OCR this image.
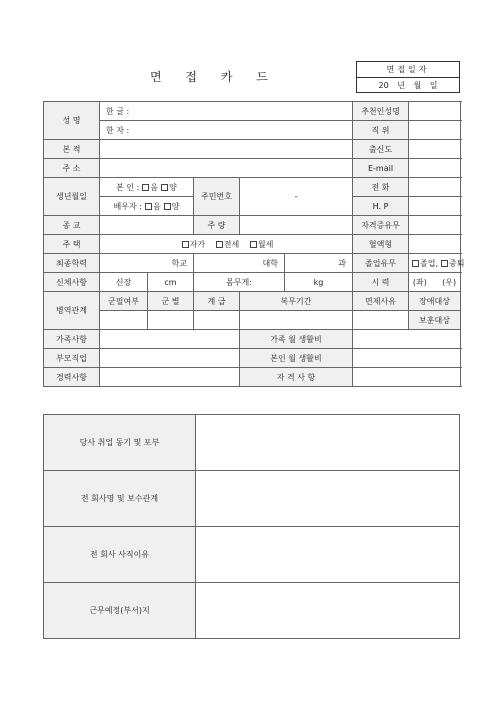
면 접 카 드
면접일자
20 년 월 일
성 명	한 글 :					추천인성명		
	한 자 :					직 위		
본 적						출신도		
주 소						E-mail		
생년월일	본 인 : 음 양		주민번호	-		전 화		
	배우자 : 음 양					H. P		
종 교			주 량			자격증유무		
주 택	자가 전세 월세					혈액형		
최종학력	학교		대학		과	졸업유무	졸업, 중퇴	
신체사항	신장	cm	몸무게:		kg	시 력	(좌) (우)	
병역관계	군필여부	군 별	계 급	복무기간		면제사유	장애대상	
							보훈대상	
가족사항				가족 월 생활비				
부모직업				본인 월 생활비				
경력사항				자 격 사 항				
당사 취업 동기 및 포부	
전 회사명 및 보수관계	
전 회사 사직이유	
근무예정(부서)지	
